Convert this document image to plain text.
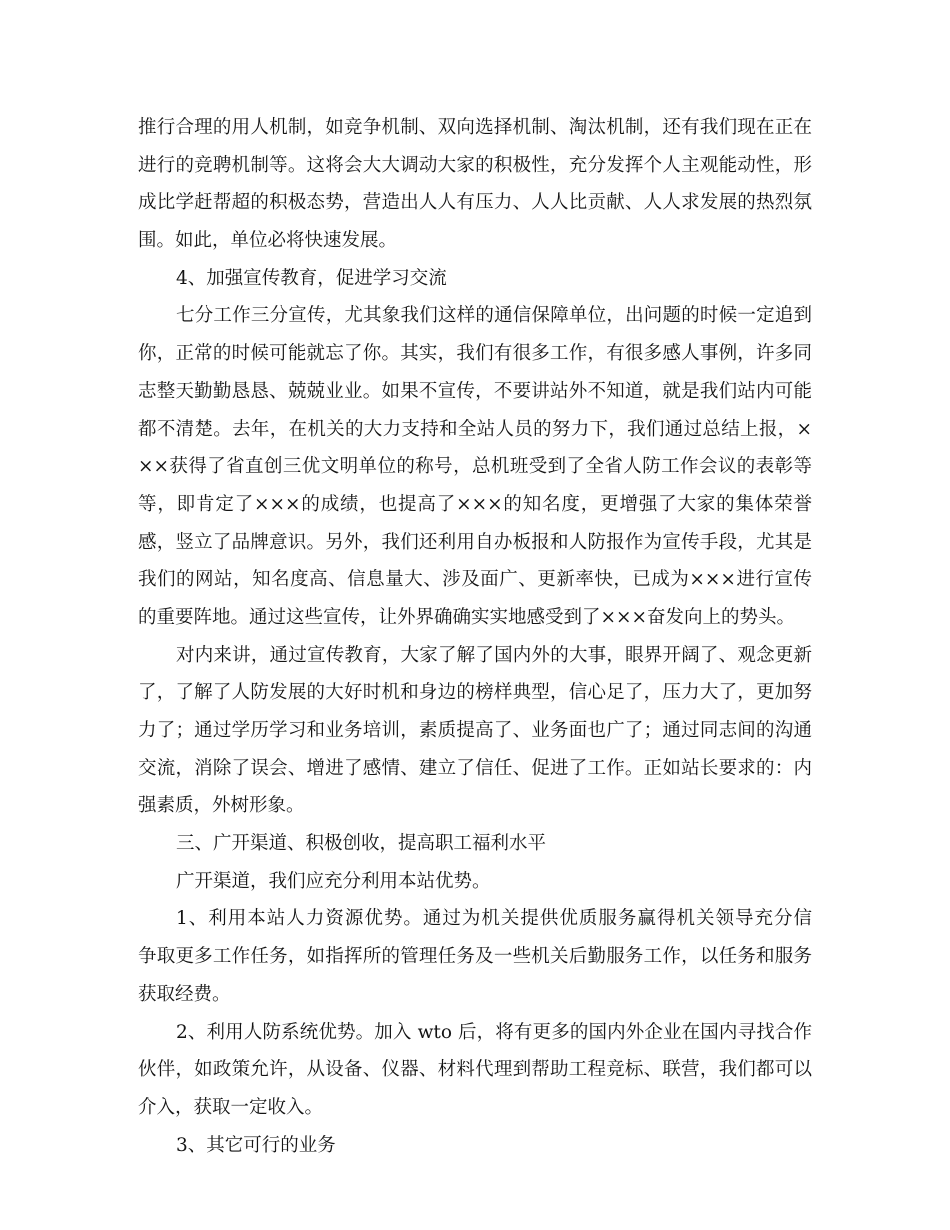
推行合理的用人机制，如竞争机制、双向选择机制、淘汰机制，还有我们现在正在
进行的竞聘机制等。这将会大大调动大家的积极性，充分发挥个人主观能动性，形
成比学赶帮超的积极态势，营造出人人有压力、人人比贡献、人人求发展的热烈氛
围。如此，单位必将快速发展。
4、加强宣传教育，促进学习交流
七分工作三分宣传，尤其象我们这样的通信保障单位，出问题的时候一定追到
你，正常的时候可能就忘了你。其实，我们有很多工作，有很多感人事例，许多同
志整天勤勤恳恳、兢兢业业。如果不宣传，不要讲站外不知道，就是我们站内可能
都不清楚。去年，在机关的大力支持和全站人员的努力下，我们通过总结上报，×
××获得了省直创三优文明单位的称号，总机班受到了全省人防工作会议的表彰等
等，即肯定了×××的成绩，也提高了×××的知名度，更增强了大家的集体荣誉
感，竖立了品牌意识。另外，我们还利用自办板报和人防报作为宣传手段，尤其是
我们的网站，知名度高、信息量大、涉及面广、更新率快，已成为×××进行宣传
的重要阵地。通过这些宣传，让外界确确实实地感受到了×××奋发向上的势头。
对内来讲，通过宣传教育，大家了解了国内外的大事，眼界开阔了、观念更新
了，了解了人防发展的大好时机和身边的榜样典型，信心足了，压力大了，更加努
力了；通过学历学习和业务培训，素质提高了、业务面也广了；通过同志间的沟通
交流，消除了误会、增进了感情、建立了信任、促进了工作。正如站长要求的：内
强素质，外树形象。
三、广开渠道、积极创收，提高职工福利水平
广开渠道，我们应充分利用本站优势。
1、利用本站人力资源优势。通过为机关提供优质服务赢得机关领导充分信
争取更多工作任务，如指挥所的管理任务及一些机关后勤服务工作，以任务和服务
获取经费。
2、利用人防系统优势。加入 wto 后，将有更多的国内外企业在国内寻找合作
伙伴，如政策允许，从设备、仪器、材料代理到帮助工程竞标、联营，我们都可以
介入，获取一定收入。
3、其它可行的业务
